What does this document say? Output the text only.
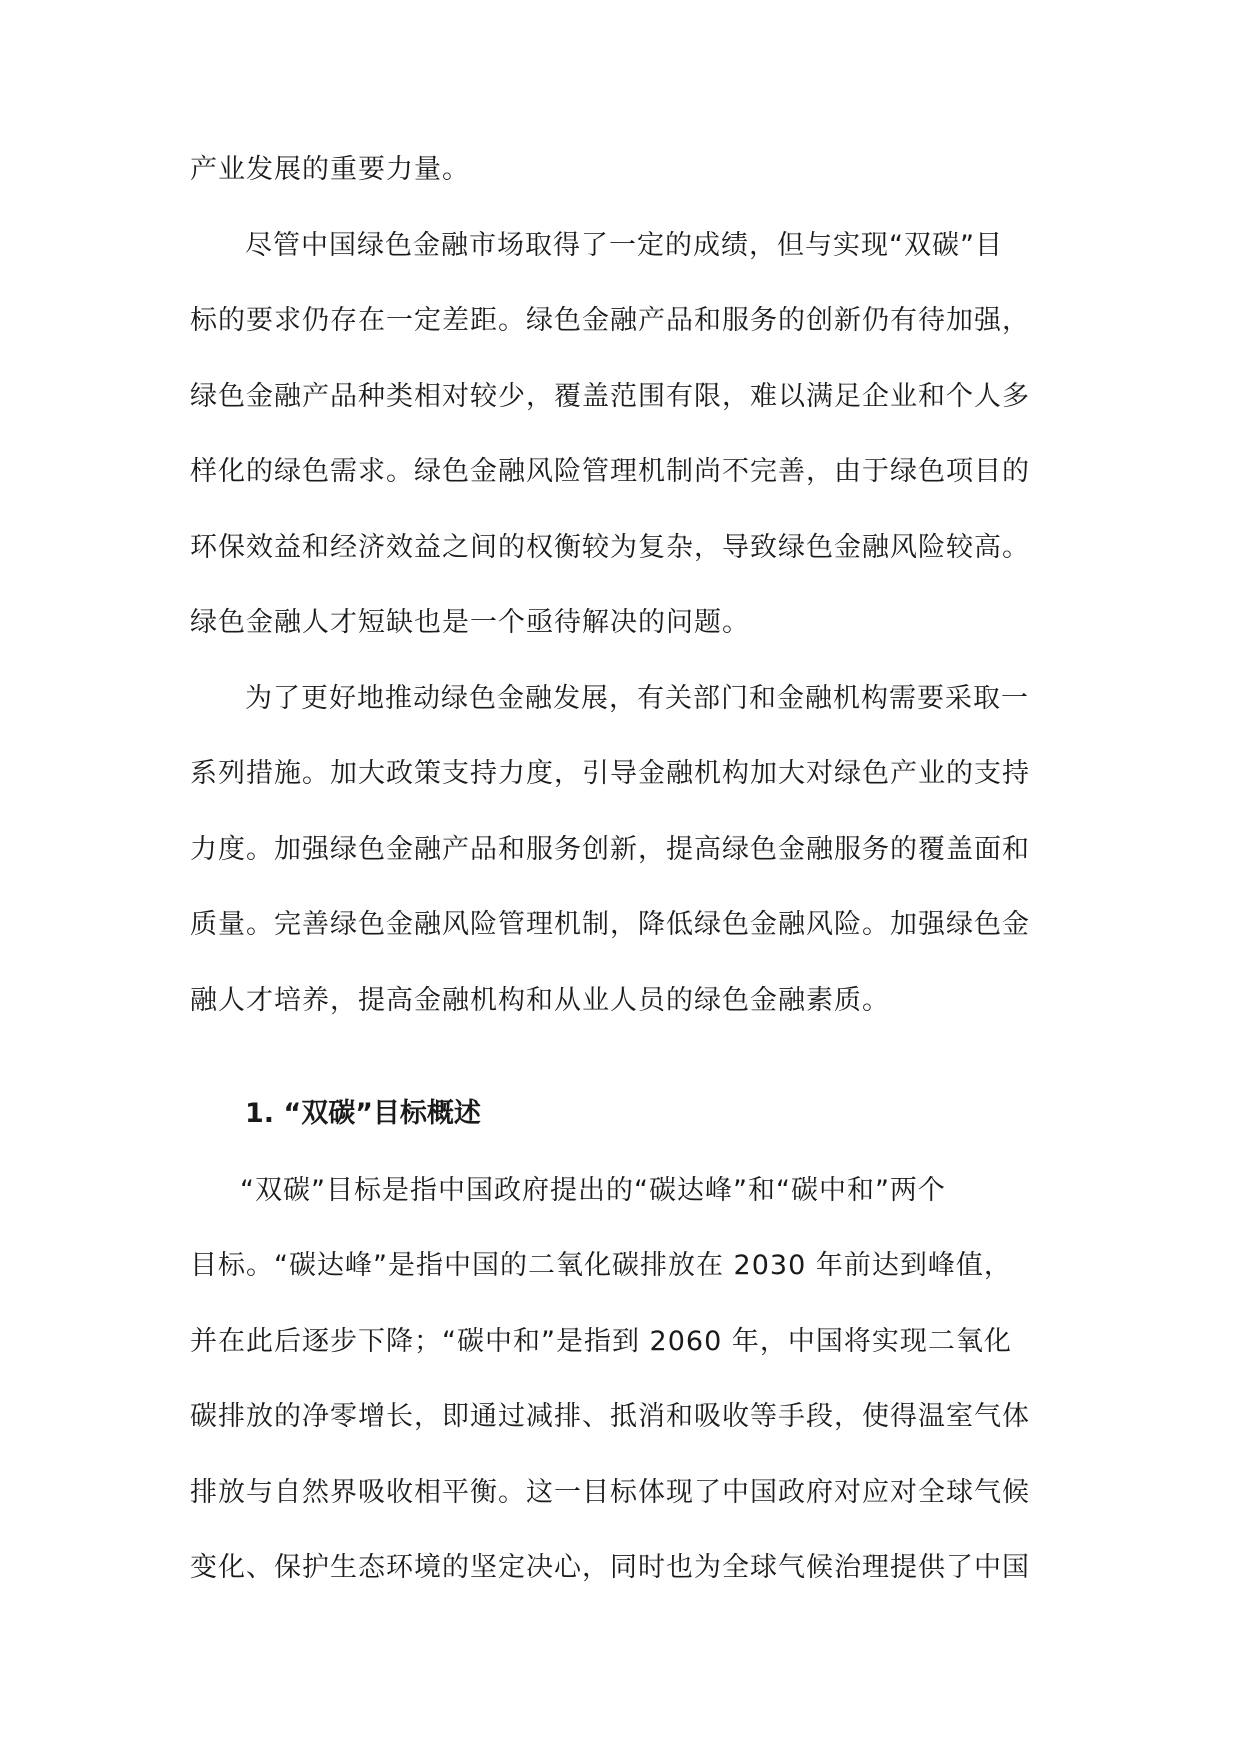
产业发展的重要力量。
尽管中国绿色金融市场取得了一定的成绩，但与实现“双碳”目
标的要求仍存在一定差距。绿色金融产品和服务的创新仍有待加强，
绿色金融产品种类相对较少，覆盖范围有限，难以满足企业和个人多
样化的绿色需求。绿色金融风险管理机制尚不完善，由于绿色项目的
环保效益和经济效益之间的权衡较为复杂，导致绿色金融风险较高。
绿色金融人才短缺也是一个亟待解决的问题。
为了更好地推动绿色金融发展，有关部门和金融机构需要采取一
系列措施。加大政策支持力度，引导金融机构加大对绿色产业的支持
力度。加强绿色金融产品和服务创新，提高绿色金融服务的覆盖面和
质量。完善绿色金融风险管理机制，降低绿色金融风险。加强绿色金
融人才培养，提高金融机构和从业人员的绿色金融素质。
1. “双碳”目标概述
“双碳”目标是指中国政府提出的“碳达峰”和“碳中和”两个
目标。“碳达峰”是指中国的二氧化碳排放在 2030 年前达到峰值，
并在此后逐步下降；“碳中和”是指到 2060 年，中国将实现二氧化
碳排放的净零增长，即通过减排、抵消和吸收等手段，使得温室气体
排放与自然界吸收相平衡。这一目标体现了中国政府对应对全球气候
变化、保护生态环境的坚定决心，同时也为全球气候治理提供了中国
